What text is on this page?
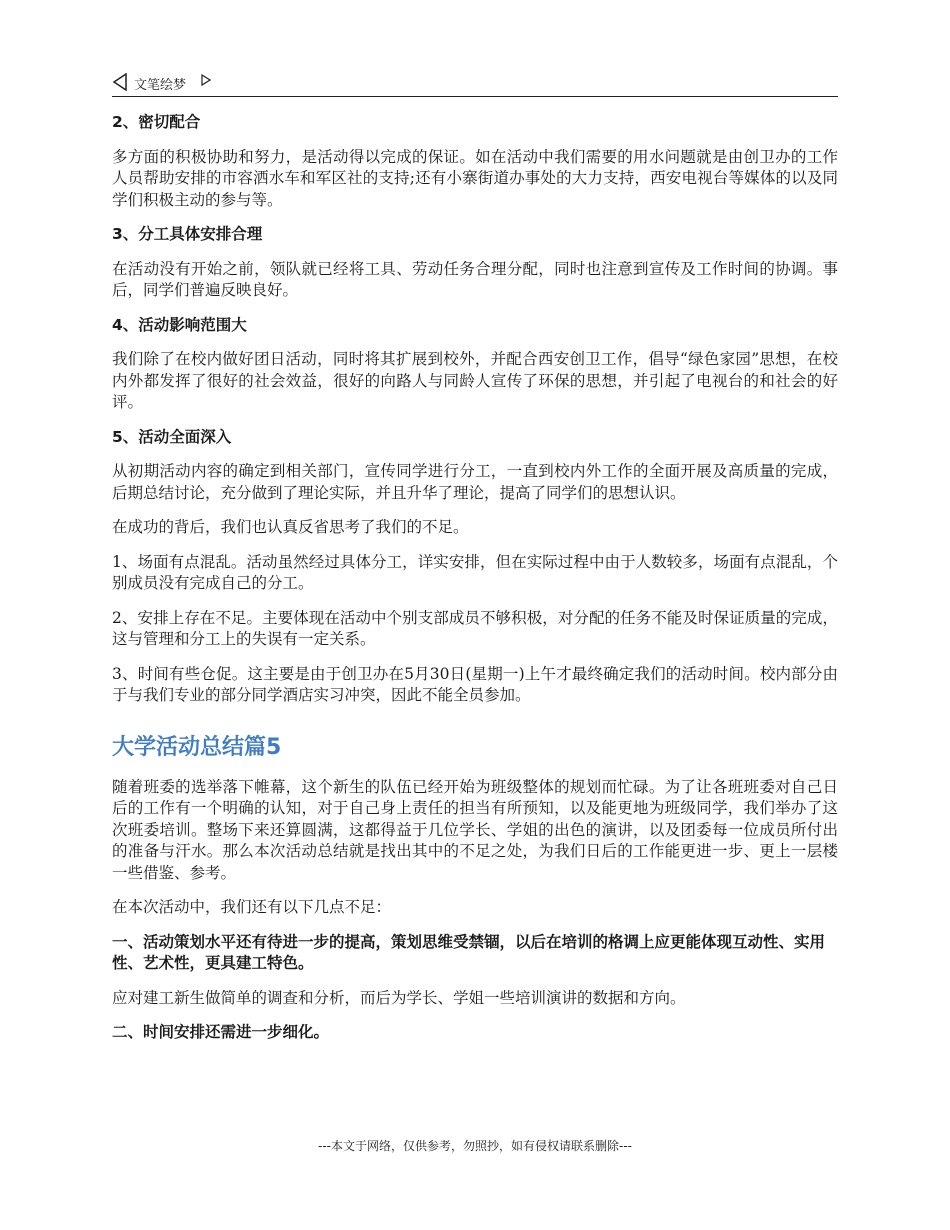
文笔绘梦
2、密切配合

多方面的积极协助和努力，是活动得以完成的保证。如在活动中我们需要的用水问题就是由创卫办的工作人员帮助安排的市容洒水车和军区社的支持;还有小寨街道办事处的大力支持，西安电视台等媒体的以及同学们积极主动的参与等。

3、分工具体安排合理

在活动没有开始之前，领队就已经将工具、劳动任务合理分配，同时也注意到宣传及工作时间的协调。事后，同学们普遍反映良好。

4、活动影响范围大

我们除了在校内做好团日活动，同时将其扩展到校外，并配合西安创卫工作，倡导“绿色家园”思想，在校内外都发挥了很好的社会效益，很好的向路人与同龄人宣传了环保的思想，并引起了电视台的和社会的好评。

5、活动全面深入

从初期活动内容的确定到相关部门，宣传同学进行分工，一直到校内外工作的全面开展及高质量的完成，后期总结讨论，充分做到了理论实际，并且升华了理论，提高了同学们的思想认识。

在成功的背后，我们也认真反省思考了我们的不足。

1、场面有点混乱。活动虽然经过具体分工，详实安排，但在实际过程中由于人数较多，场面有点混乱，个别成员没有完成自己的分工。

2、安排上存在不足。主要体现在活动中个别支部成员不够积极，对分配的任务不能及时保证质量的完成，这与管理和分工上的失误有一定关系。

3、时间有些仓促。这主要是由于创卫办在5月30日(星期一)上午才最终确定我们的活动时间。校内部分由于与我们专业的部分同学酒店实习冲突，因此不能全员参加。

大学活动总结篇5

随着班委的选举落下帷幕，这个新生的队伍已经开始为班级整体的规划而忙碌。为了让各班班委对自己日后的工作有一个明确的认知，对于自己身上责任的担当有所预知，以及能更地为班级同学，我们举办了这次班委培训。整场下来还算圆满，这都得益于几位学长、学姐的出色的演讲，以及团委每一位成员所付出的准备与汗水。那么本次活动总结就是找出其中的不足之处，为我们日后的工作能更进一步、更上一层楼一些借鉴、参考。

在本次活动中，我们还有以下几点不足：

一、活动策划水平还有待进一步的提高，策划思维受禁锢，以后在培训的格调上应更能体现互动性、实用性、艺术性，更具建工特色。

应对建工新生做简单的调查和分析，而后为学长、学姐一些培训演讲的数据和方向。

二、时间安排还需进一步细化。
---本文于网络，仅供参考，勿照抄，如有侵权请联系删除---
